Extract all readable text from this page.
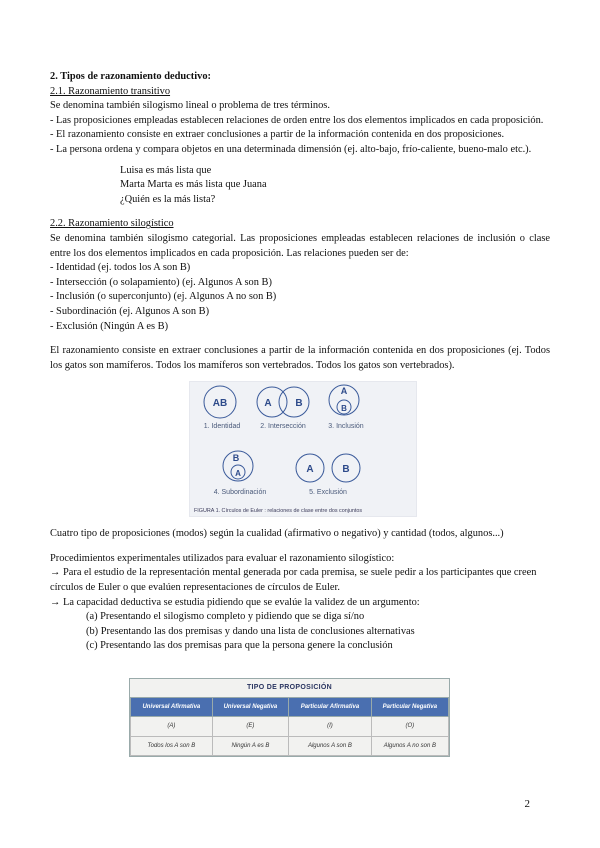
2. Tipos de razonamiento deductivo:
2.1. Razonamiento transitivo
Se denomina también silogismo lineal o problema de tres términos.
- Las proposiciones empleadas establecen relaciones de orden entre los dos elementos implicados en cada proposición.
- El razonamiento consiste en extraer conclusiones a partir de la información contenida en dos proposiciones.
- La persona ordena y compara objetos en una determinada dimensión (ej. alto-bajo, frío-caliente, bueno-malo etc.).
Luisa es más lista que
Marta Marta es más lista que Juana
¿Quién es la más lista?
2.2. Razonamiento silogístico
Se denomina también silogismo categorial. Las proposiciones empleadas establecen relaciones de inclusión o clase entre los dos elementos implicados en cada proposición. Las relaciones pueden ser de:
- Identidad (ej. todos los A son B)
- Intersección (o solapamiento) (ej. Algunos A son B)
- Inclusión (o superconjunto) (ej. Algunos A no son B)
- Subordinación (ej. Algunos A son B)
- Exclusión (Ningún A es B)
El razonamiento consiste en extraer conclusiones a partir de la información contenida en dos proposiciones (ej. Todos los gatos son mamíferos. Todos los mamíferos son vertebrados. Todos los gatos son vertebrados).
AB	A B
A
B
1. Identidad	2. Intersección	3. Inclusión
B
A	A	B
4. Subordinación	5. Exclusión
FIGURA 1. Círculos de Euler : relaciones de clase entre dos conjuntos
Cuatro tipo de proposiciones (modos) según la cualidad (afirmativo o negativo) y cantidad (todos, algunos...)
Procedimientos experimentales utilizados para evaluar el razonamiento silogístico:
→ Para el estudio de la representación mental generada por cada premisa, se suele pedir a los participantes que creen círculos de Euler o que evalúen representaciones de círculos de Euler.
→ La capacidad deductiva se estudia pidiendo que se evalúe la validez de un argumento:
(a) Presentando el silogismo completo y pidiendo que se diga sí/no
(b) Presentando las dos premisas y dando una lista de conclusiones alternativas
(c) Presentando las dos premisas para que la persona genere la conclusión
TIPO DE PROPOSICIÓN
Universal Afirmativa	Universal Negativa	Particular Afirmativa	Particular Negativa
(A)	(E)	(I)	(O)
Todos los A son B	Ningún A es B	Algunos A son B	Algunos A no son B
2
